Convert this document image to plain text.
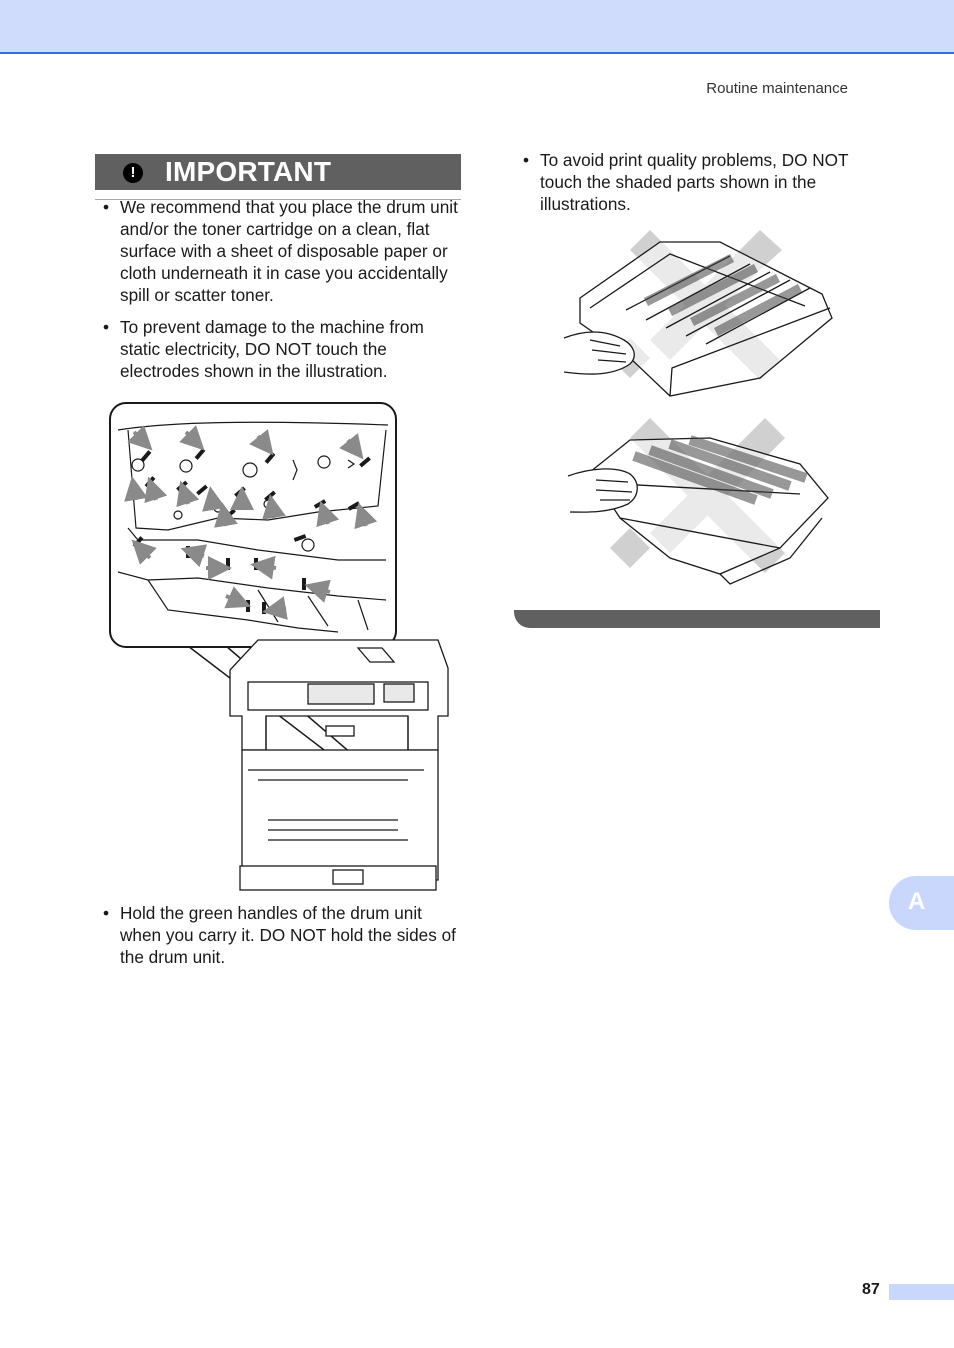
Routine maintenance
! IMPORTANT
• We recommend that you place the drum unit and/or the toner cartridge on a clean, flat surface with a sheet of disposable paper or cloth underneath it in case you accidentally spill or scatter toner.
• To prevent damage to the machine from static electricity, DO NOT touch the electrodes shown in the illustration.
• Hold the green handles of the drum unit when you carry it. DO NOT hold the sides of the drum unit.
• To avoid print quality problems, DO NOT touch the shaded parts shown in the illustrations.
A
87
